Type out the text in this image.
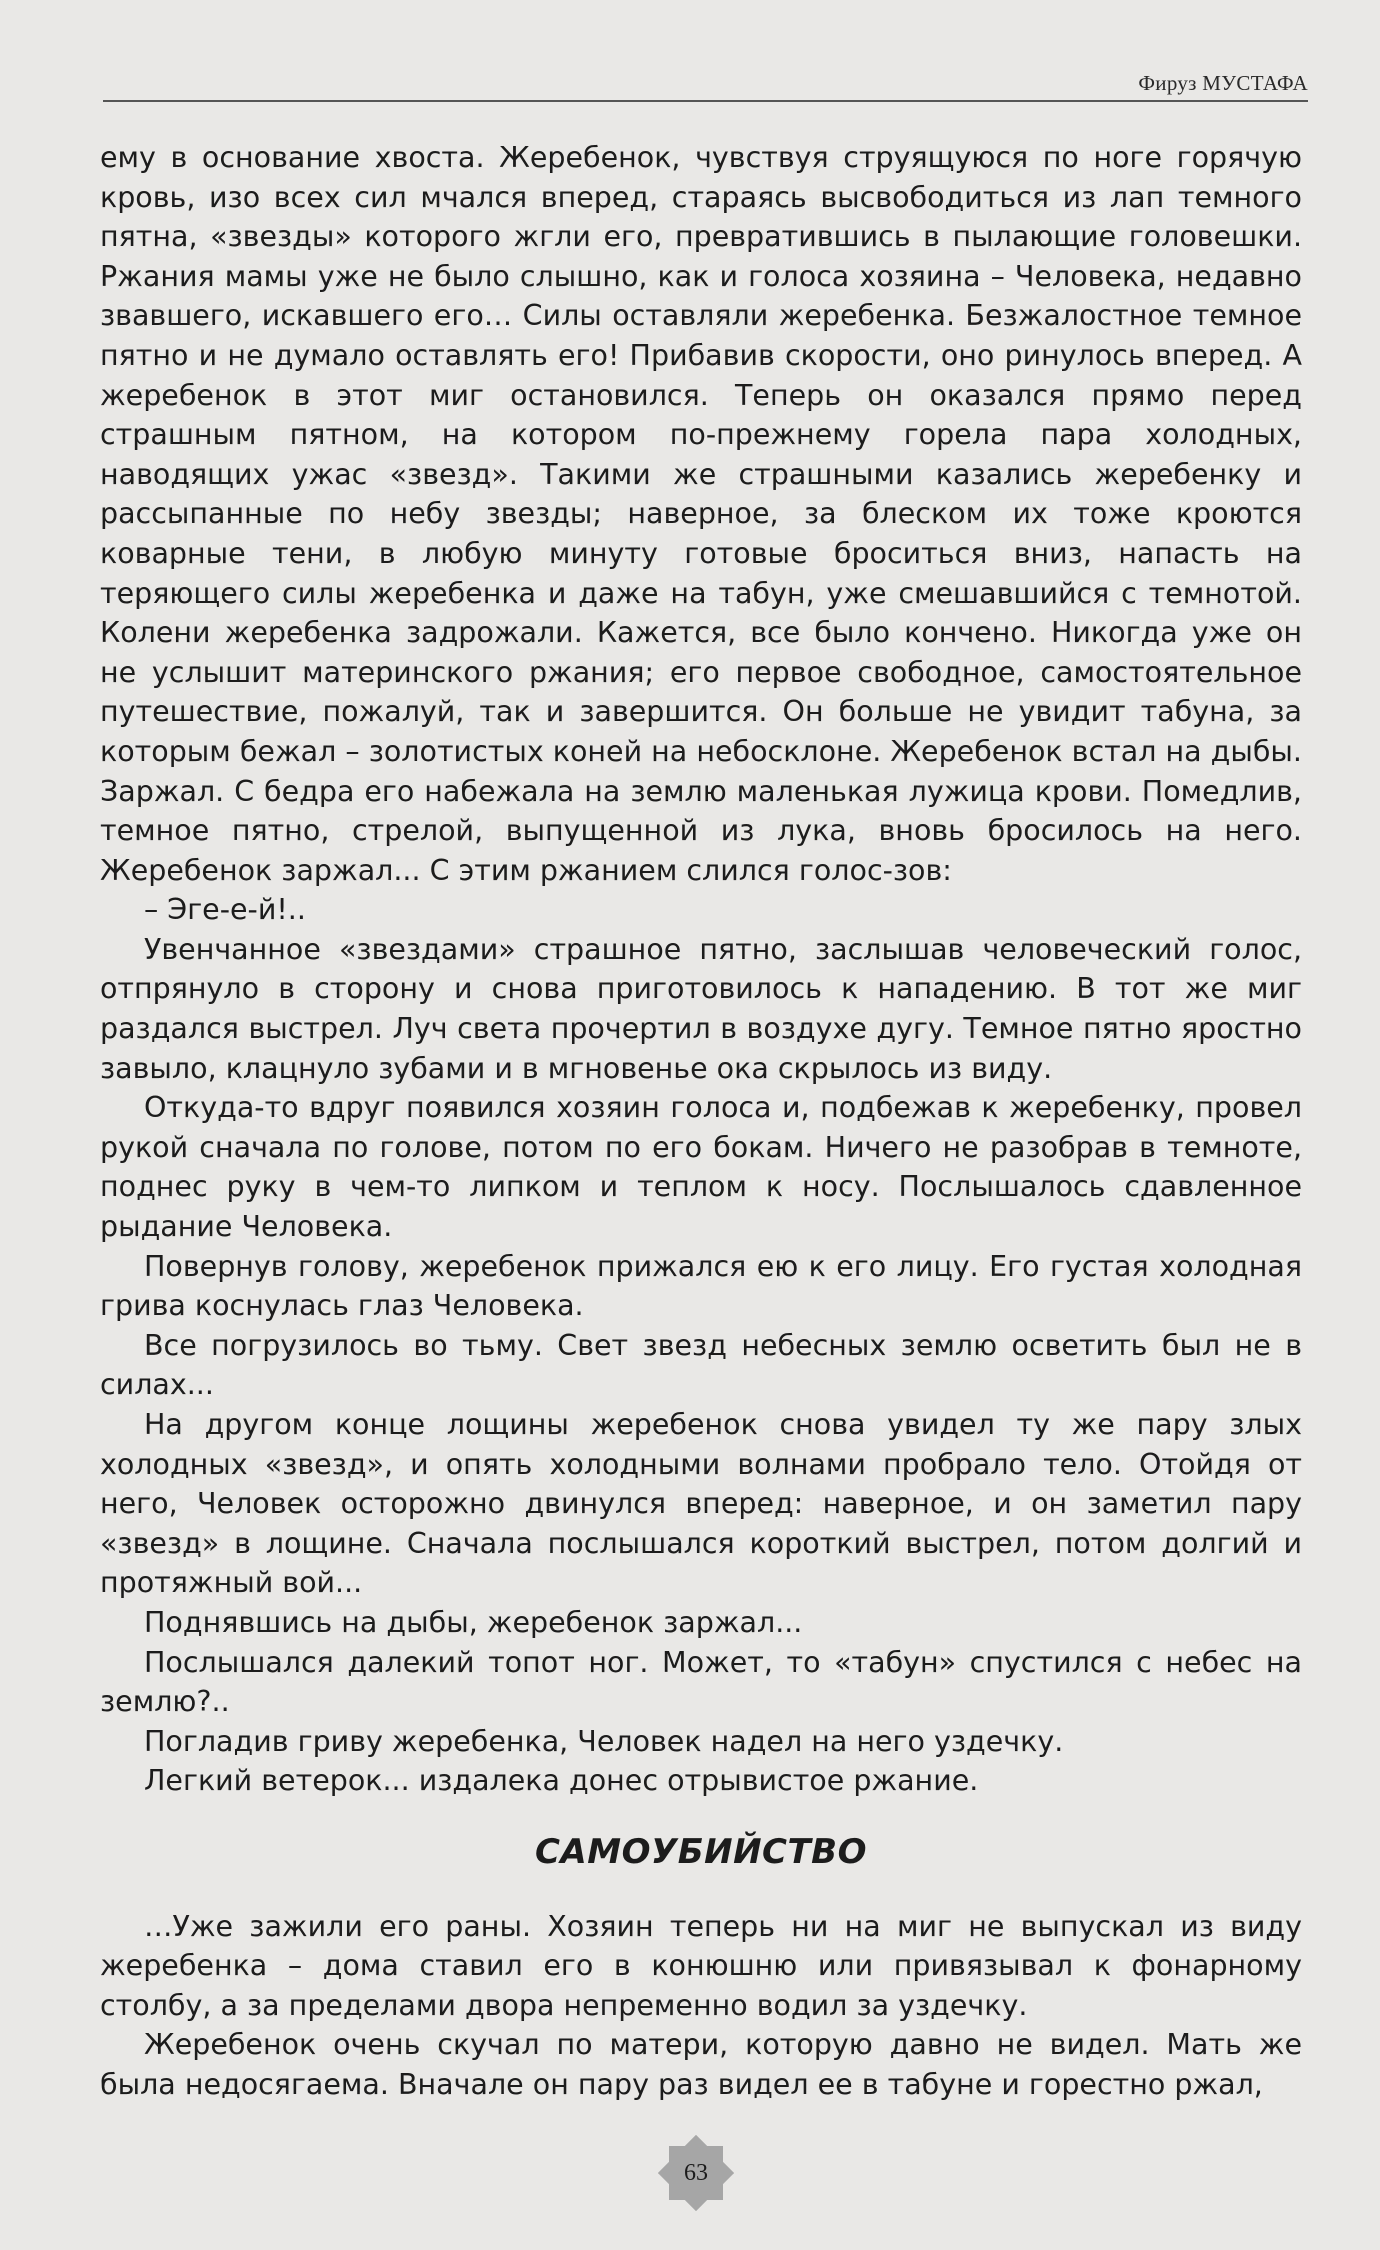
Фируз МУСТАФА

ему в основание хвоста. Жеребенок, чувствуя струящуюся по ноге горячую кровь, изо всех сил мчался вперед, стараясь высвободиться из лап темного пятна, «звезды» которого жгли его, превратившись в пылающие головешки. Ржания мамы уже не было слышно, как и голоса хозяина – Человека, недавно звавшего, искавшего его… Силы оставляли жеребенка. Безжалостное темное пятно и не думало оставлять его! Прибавив скорости, оно ринулось вперед. А жеребенок в этот миг остановился. Теперь он оказался прямо перед страшным пятном, на котором по-прежнему горела пара холодных, наводящих ужас «звезд». Такими же страшными казались жеребенку и рассыпанные по небу звезды; наверное, за блеском их тоже кроются коварные тени, в любую минуту готовые броситься вниз, напасть на теряющего силы жеребенка и даже на табун, уже смешавшийся с темнотой. Колени жеребенка задрожали. Кажется, все было кончено. Никогда уже он не услышит материнского ржания; его первое свободное, самостоятельное путешествие, пожалуй, так и завершится. Он больше не увидит табуна, за которым бежал – золотистых коней на небосклоне. Жеребенок встал на дыбы. Заржал. С бедра его набежала на землю маленькая лужица крови. Помедлив, темное пятно, стрелой, выпущенной из лука, вновь бросилось на него. Жеребенок заржал... С этим ржанием слился голос-зов:

– Эге-е-й!..

Увенчанное «звездами» страшное пятно, заслышав человеческий голос, отпрянуло в сторону и снова приготовилось к нападению. В тот же миг раздался выстрел. Луч света прочертил в воздухе дугу. Темное пятно яростно завыло, клацнуло зубами и в мгновенье ока скрылось из виду.

Откуда-то вдруг появился хозяин голоса и, подбежав к жеребенку, провел рукой сначала по голове, потом по его бокам. Ничего не разобрав в темноте, поднес руку в чем-то липком и теплом к носу. Послышалось сдавленное рыдание Человека.

Повернув голову, жеребенок прижался ею к его лицу. Его густая холодная грива коснулась глаз Человека.

Все погрузилось во тьму. Свет звезд небесных землю осветить был не в силах...

На другом конце лощины жеребенок снова увидел ту же пару злых холодных «звезд», и опять холодными волнами пробрало тело. Отойдя от него, Человек осторожно двинулся вперед: наверное, и он заметил пару «звезд» в лощине. Сначала послышался короткий выстрел, потом долгий и протяжный вой...

Поднявшись на дыбы, жеребенок заржал...

Послышался далекий топот ног. Может, то «табун» спустился с небес на землю?..

Погладив гриву жеребенка, Человек надел на него уздечку.

Легкий ветерок... издалека донес отрывистое ржание.

САМОУБИЙСТВО

…Уже зажили его раны. Хозяин теперь ни на миг не выпускал из виду жеребенка – дома ставил его в конюшню или привязывал к фонарному столбу, а за пределами двора непременно водил за уздечку.

Жеребенок очень скучал по матери, которую давно не видел. Мать же была недосягаема. Вначале он пару раз видел ее в табуне и горестно ржал,

63
